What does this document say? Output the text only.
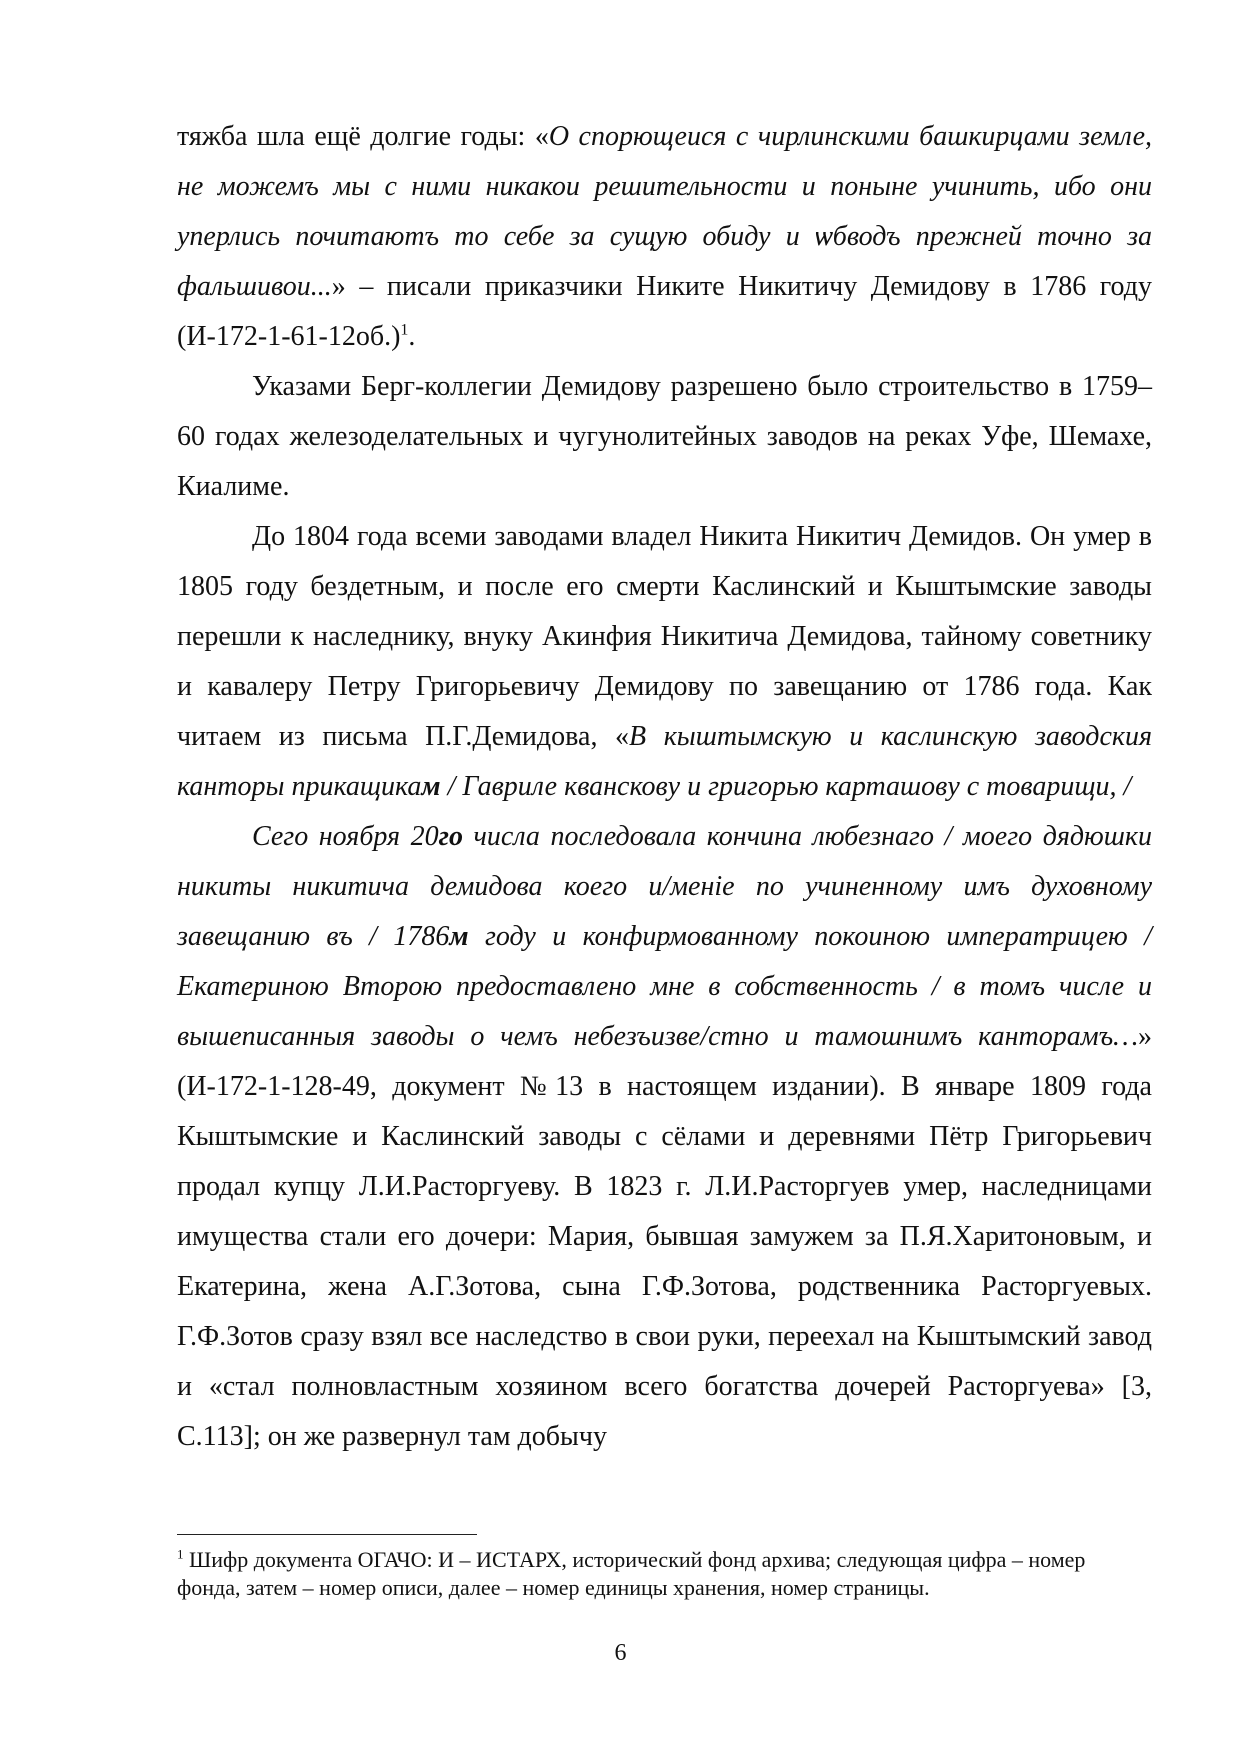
тяжба шла ещё долгие годы: «О спорющеися с чирлинскими башкирцами земле, не можемъ мы с ними никакои решительности и поныне учинить, ибо они уперлись почитаютъ то себе за сущую обиду и ѡбводъ прежней точно за фальшивои...» – писали приказчики Никите Никитичу Демидову в 1786 году $(И-172-1-61-12об.)^1$.

Указами Берг-коллегии Демидову разрешено было строительство в 1759–60 годах железоделательных и чугунолитейных заводов на реках Уфе, Шемахе, Киалиме.

До 1804 года всеми заводами владел Никита Никитич Демидов. Он умер в 1805 году бездетным, и после его смерти Каслинский и Кыштымские заводы перешли к наследнику, внуку Акинфия Никитича Демидова, тайному советнику и кавалеру Петру Григорьевичу Демидову по завещанию от 1786 года. Как читаем из письма П.Г.Демидова, «В кыштымскую и каслинскую заводския канторы прикащикам / Гавриле кванскову и григорью карташову с товарищи, /

Сего ноября 20го числа последовала кончина любезнаго / моего дядюшки никиты никитича демидова коего и/менiе по учиненному имъ духовному завещанию въ / 1786м году и конфирмованному покоиною императрицею / Екатериною Второю предоставлено мне в собственность / в томъ числе и вышеписанныя заводы о чемъ небезъизве/стно и тамошнимъ канторамъ…» (И-172-1-128-49, документ №13 в настоящем издании). В январе 1809 года Кыштымские и Каслинский заводы с сёлами и деревнями Пётр Григорьевич продал купцу Л.И.Расторгуеву. В 1823 г. Л.И.Расторгуев умер, наследницами имущества стали его дочери: Мария, бывшая замужем за П.Я.Харитоновым, и Екатерина, жена А.Г.Зотова, сына Г.Ф.Зотова, родственника Расторгуевых. Г.Ф.Зотов сразу взял все наследство в свои руки, переехал на Кыштымский завод и «стал полновластным хозяином всего богатства дочерей Расторгуева» [3, С.113]; он же развернул там добычу

$^1$ Шифр документа ОГАЧО: И – ИСТАРХ, исторический фонд архива; следующая цифра – номер фонда, затем – номер описи, далее – номер единицы хранения, номер страницы.
6
